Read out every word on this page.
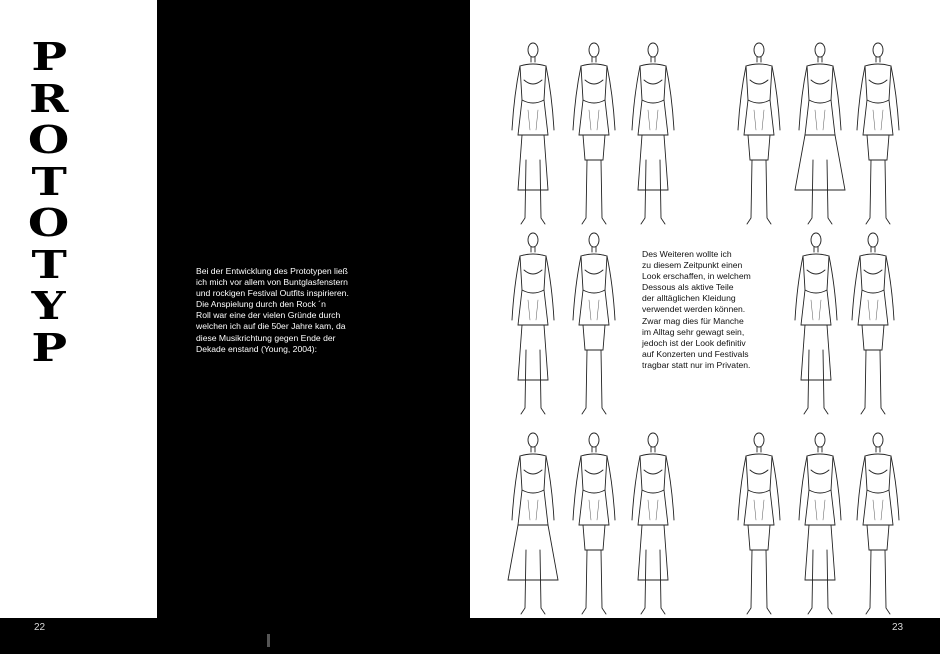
P
R
O
T
O
T
Y
P
Bei der Entwicklung des Prototypen ließ
ich mich vor allem von Buntglasfenstern
und rockigen Festival Outfits inspirieren.
Die Anspielung durch den Rock ´n
Roll war eine der vielen Gründe durch
welchen ich auf die 50er Jahre kam, da
diese Musikrichtung gegen Ende der
Dekade enstand (Young, 2004):
Des Weiteren wollte ich
zu diesem Zeitpunkt einen
Look erschaffen, in welchem
Dessous als aktive Teile
der alltäglichen Kleidung
verwendet werden können.
Zwar mag dies für Manche
im Alltag sehr gewagt sein,
jedoch ist der Look definitiv
auf Konzerten und Festivals
tragbar statt nur im Privaten.
22	23
